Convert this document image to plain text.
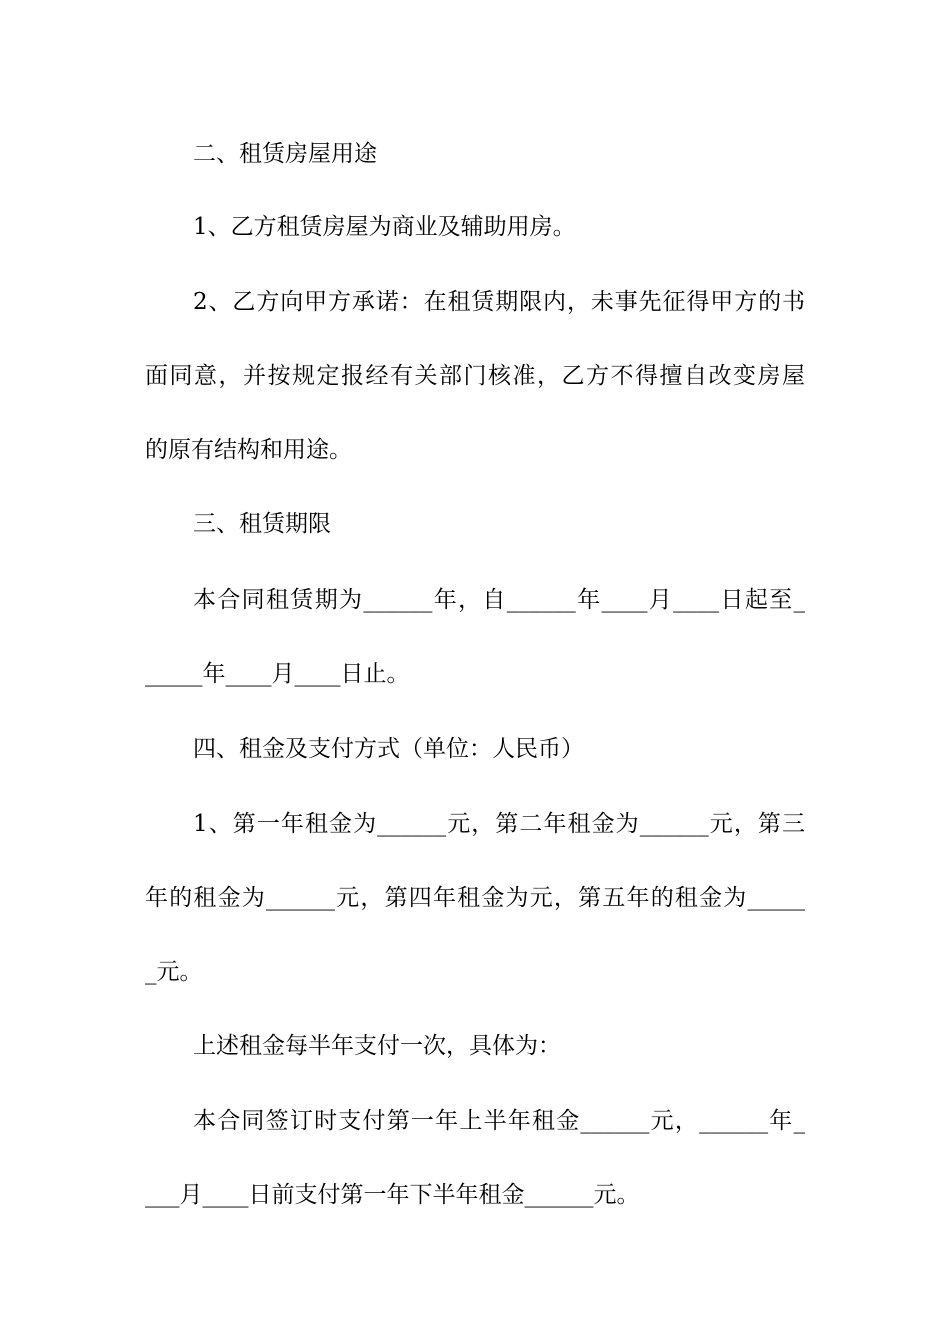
二、租赁房屋用途
1、乙方租赁房屋为商业及辅助用房。
2、乙方向甲方承诺：在租赁期限内，未事先征得甲方的书
面同意，并按规定报经有关部门核准，乙方不得擅自改变房屋
的原有结构和用途。
三、租赁期限
本合同租赁期为______年，自______年____月____日起至_
_____年____月____日止。
四、租金及支付方式（单位：人民币）
1、第一年租金为______元，第二年租金为______元，第三
年的租金为______元，第四年租金为元，第五年的租金为_____
_元。
上述租金每半年支付一次，具体为：
本合同签订时支付第一年上半年租金______元，______年_
___月____日前支付第一年下半年租金______元。
